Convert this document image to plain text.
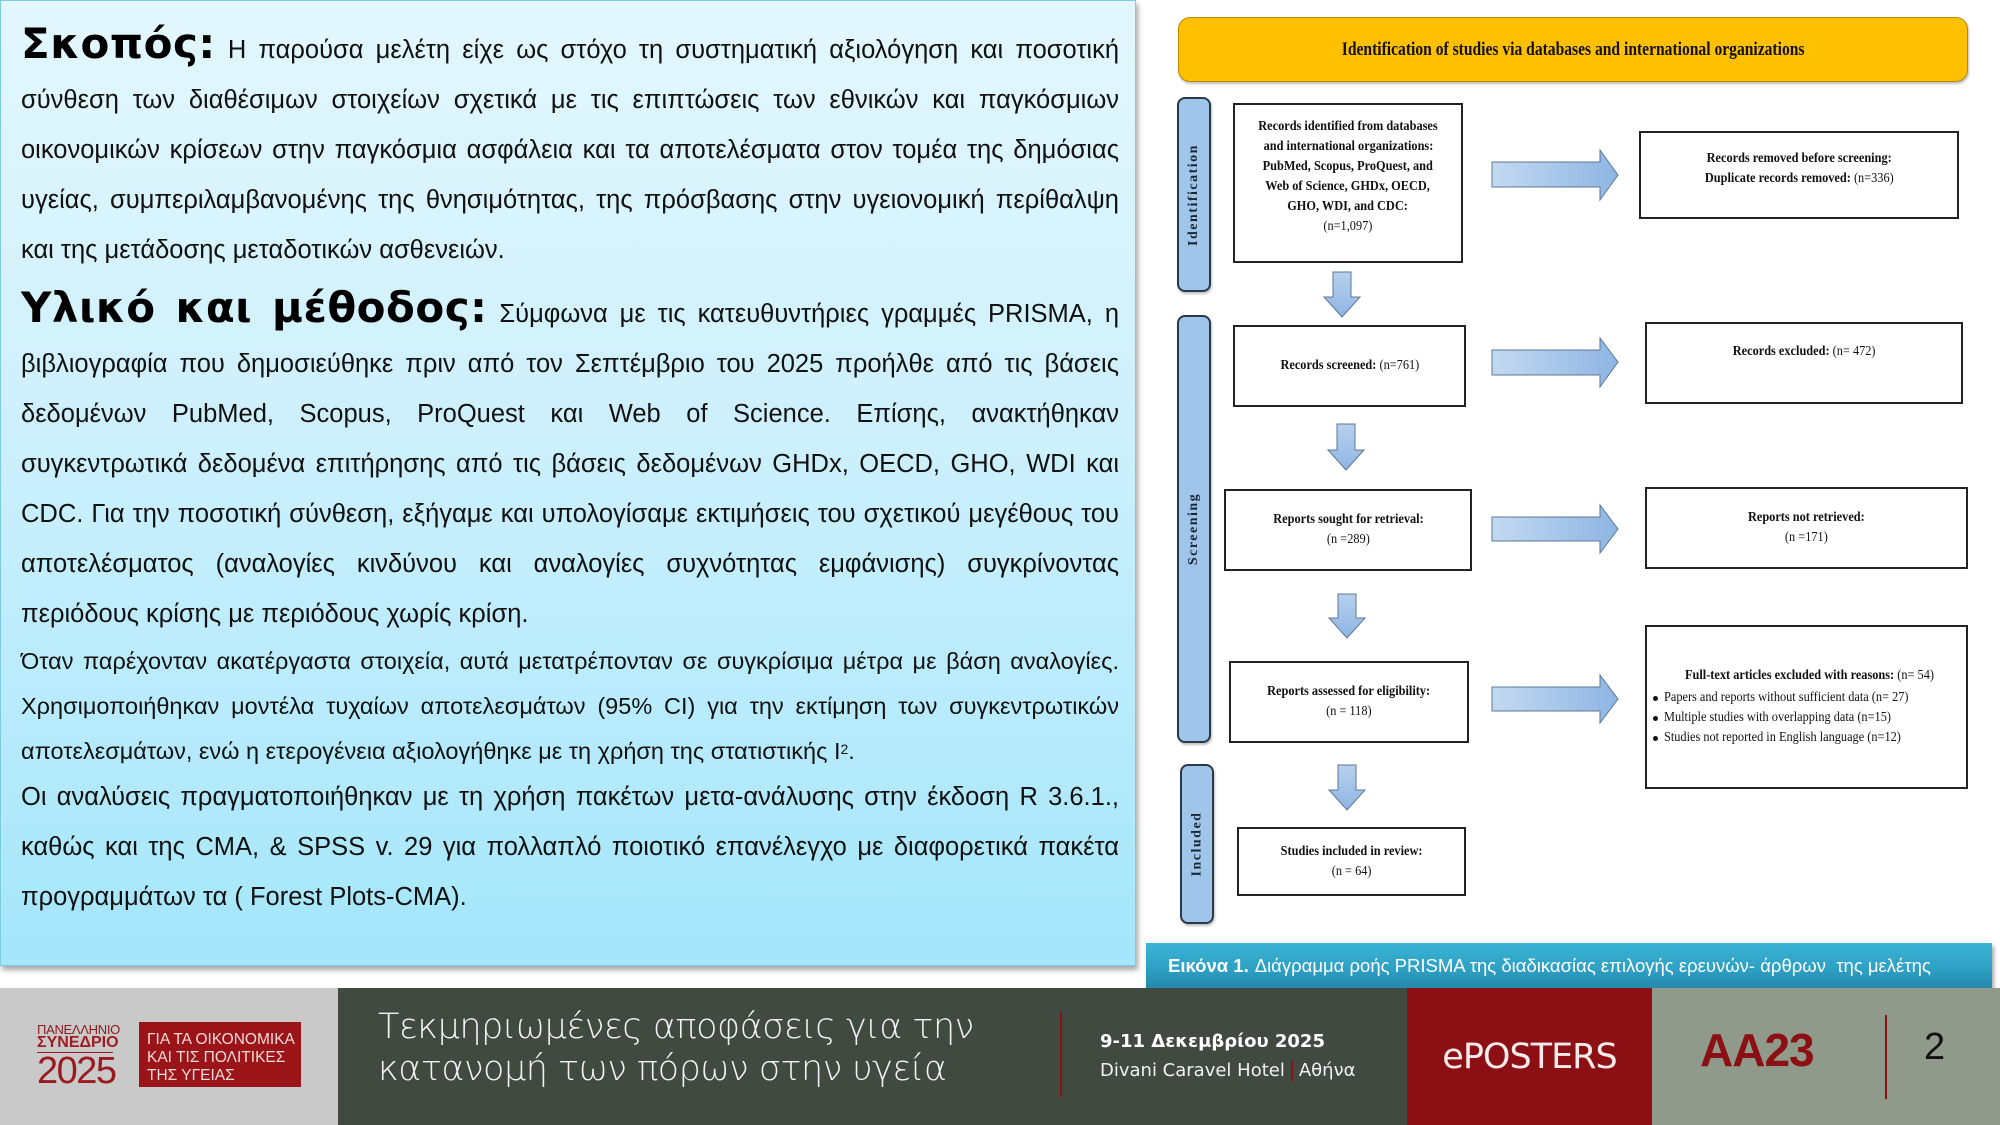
Σκοπός: Η παρούσα μελέτη είχε ως στόχο τη συστηματική αξιολόγηση και ποσοτική σύνθεση των διαθέσιμων στοιχείων σχετικά με τις επιπτώσεις των εθνικών και παγκόσμιων οικονομικών κρίσεων στην παγκόσμια ασφάλεια και τα αποτελέσματα στον τομέα της δημόσιας υγείας, συμπεριλαμβανομένης της θνησιμότητας, της πρόσβασης στην υγειονομική περίθαλψη και της μετάδοσης μεταδοτικών ασθενειών.

Υλικό και μέθοδος: Σύμφωνα με τις κατευθυντήριες γραμμές PRISMA, η βιβλιογραφία που δημοσιεύθηκε πριν από τον Σεπτέμβριο του 2025 προήλθε από τις βάσεις δεδομένων PubMed, Scopus, ProQuest και Web of Science. Επίσης, ανακτήθηκαν συγκεντρωτικά δεδομένα επιτήρησης από τις βάσεις δεδομένων GHDx, OECD, GHO, WDI και CDC. Για την ποσοτική σύνθεση, εξήγαμε και υπολογίσαμε εκτιμήσεις του σχετικού μεγέθους του αποτελέσματος (αναλογίες κινδύνου και αναλογίες συχνότητας εμφάνισης) συγκρίνοντας περιόδους κρίσης με περιόδους χωρίς κρίση.

Όταν παρέχονταν ακατέργαστα στοιχεία, αυτά μετατρέπονταν σε συγκρίσιμα μέτρα με βάση αναλογίες. Χρησιμοποιήθηκαν μοντέλα τυχαίων αποτελεσμάτων (95% CI) για την εκτίμηση των συγκεντρωτικών αποτελεσμάτων, ενώ η ετερογένεια αξιολογήθηκε με τη χρήση της στατιστικής $I^2$.

Οι αναλύσεις πραγματοποιήθηκαν με τη χρήση πακέτων μετα-ανάλυσης στην έκδοση R 3.6.1., καθώς και της CMA, & SPSS v. 29 για πολλαπλό ποιοτικό επανέλεγχο με διαφορετικά πακέτα προγραμμάτων τα ( Forest Plots-CMA).

Identification of studies via databases and international organizations
Identification
Screening
Included
Records identified from databases
and international organizations:
PubMed, Scopus, ProQuest, and
Web of Science, GHDx, OECD,
GHO, WDI, and CDC:
(n=1,097)
Records removed before screening:
Duplicate records removed: (n=336)
Records screened: (n=761)
Records excluded: (n= 472)
Reports sought for retrieval:
(n =289)
Reports not retrieved:
(n =171)
Reports assessed for eligibility:
(n = 118)
Full-text articles excluded with reasons: (n= 54)
Papers and reports without sufficient data (n= 27)
Multiple studies with overlapping data (n=15)
Studies not reported in English language (n=12)
Studies included in review:
(n = 64)
Εικόνα 1. Διάγραμμα ροής PRISMA της διαδικασίας επιλογής ερευνών- άρθρων  της μελέτης
ΠΑΝΕΛΛΗΝΙΟ
ΣΥΝΕΔΡΙΟ
2025
ΓΙΑ ΤΑ ΟΙΚΟΝΟΜΙΚΑ
ΚΑΙ ΤΙΣ ΠΟΛΙΤΙΚΕΣ
ΤΗΣ ΥΓΕΙΑΣ
Τεκμηριωμένες αποφάσεις για την
κατανομή των πόρων στην υγεία
9-11 Δεκεμβρίου 2025
Divani Caravel Hotel Αθήνα ePOSTERS AA23	2
